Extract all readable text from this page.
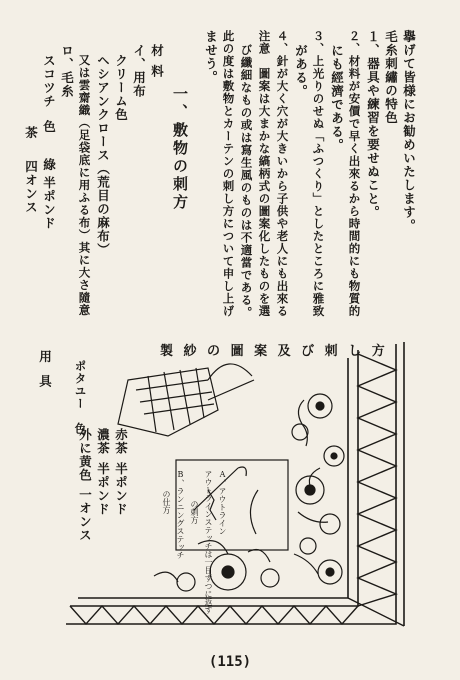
擧げて皆様にお勧めいたします。
毛糸刺繡の特色
１、器具や練習を要せぬこと。
２、材料が安價で早く出來るから時間的にも物質的
にも經濟である。
３、上光りのせぬ「ふつくり」としたところに雅致
がある。
４、針が大く穴が大きいから子供や老人にも出來る
注意　圖案は大まかな縞柄式の圖案化したものを選
び纖細なもの或は寫生風のものは不適當である。
此の度は敷物とカーテンの刺し方について申し上げ
ませう。
一、敷物の刺方
材料
イ、用布
クリーム色
ヘシアンクロース（荒目の麻布）
又は雲齋織（足袋底に用ふる布）其に大さ隨意
ロ、毛糸
スコツチ
色
茶
綠
四オンス 半ポンド
製 紗 の 圖 案 及 び 刺 し 方
用具 ポタユー　色
赤茶
半ポンド
濃茶
半ポンド
外に黄色
一オンス	A、アウトライン
アウトラインステッチは一目ずつに返す
の刺方
B、ランニングステッチ
の仕方
(115)
